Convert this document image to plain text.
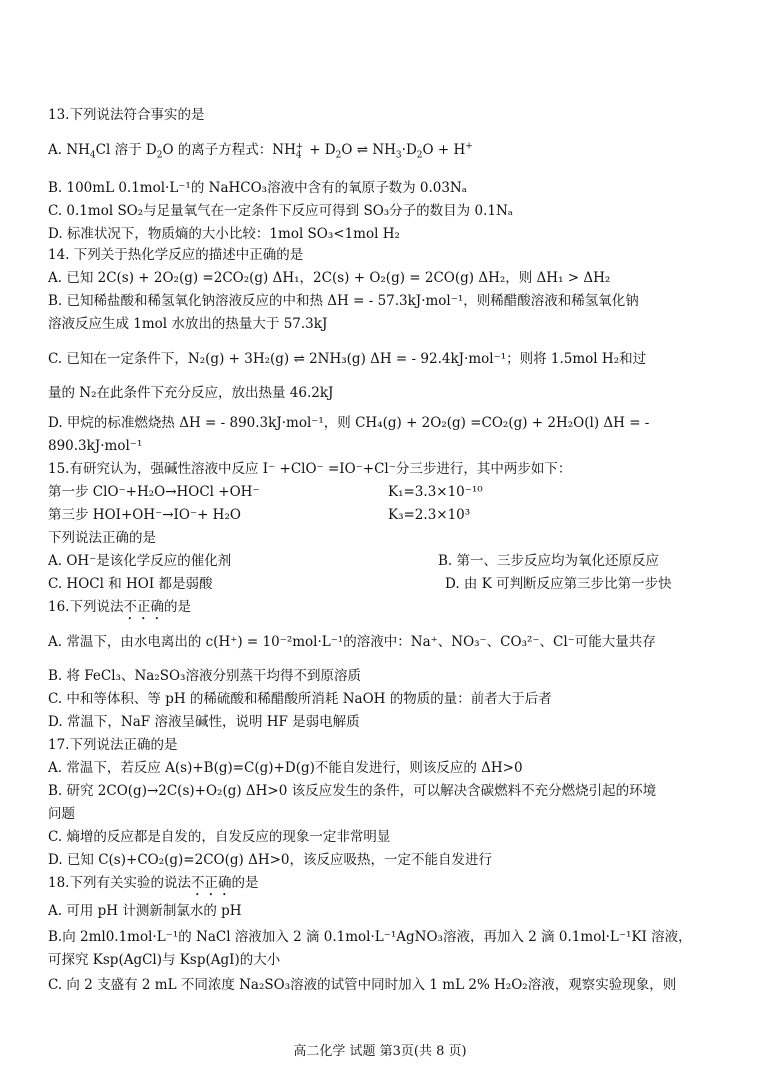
13.下列说法符合事实的是
A. $NH_4Cl$ 溶于 $D_2O$ 的离子方程式：$NH_4^+ + D_2O$ ⇌ $NH_3\cdot D_2O + H^+$
B. 100mL 0.1mol·L⁻¹的 NaHCO₃溶液中含有的氧原子数为 0.03Nₐ
C. 0.1mol SO₂与足量氧气在一定条件下反应可得到 SO₃分子的数目为 0.1Nₐ
D. 标准状况下，物质熵的大小比较：1mol SO₃<1mol H₂
14. 下列关于热化学反应的描述中正确的是
A. 已知 2C(s) + 2O₂(g) =2CO₂(g) ΔH₁，2C(s) + O₂(g) = 2CO(g) ΔH₂，则 ΔH₁ > ΔH₂
B. 已知稀盐酸和稀氢氧化钠溶液反应的中和热 ΔH = - 57.3kJ·mol⁻¹，则稀醋酸溶液和稀氢氧化钠
溶液反应生成 1mol 水放出的热量大于 57.3kJ
C. 已知在一定条件下，N₂(g) + 3H₂(g) ⇌ 2NH₃(g) ΔH = - 92.4kJ·mol⁻¹；则将 1.5mol H₂和过
量的 N₂在此条件下充分反应，放出热量 46.2kJ
D. 甲烷的标准燃烧热 ΔH = - 890.3kJ·mol⁻¹，则 CH₄(g) + 2O₂(g) =CO₂(g) + 2H₂O(l) ΔH = -
890.3kJ·mol⁻¹
15.有研究认为，强碱性溶液中反应 I⁻ +ClO⁻ =IO⁻+Cl⁻分三步进行，其中两步如下：
第一步 ClO⁻+H₂O→HOCl +OH⁻	K₁=3.3×10⁻¹⁰
第三步 HOI+OH⁻→IO⁻+ H₂O	K₃=2.3×10³
下列说法正确的是
A. OH⁻是该化学反应的催化剂	B. 第一、三步反应均为氧化还原反应
C. HOCl 和 HOI 都是弱酸	D. 由 K 可判断反应第三步比第一步快
16.下列说法不正确的是
A. 常温下，由水电离出的 c(H⁺) = 10⁻²mol·L⁻¹的溶液中：Na⁺、NO₃⁻、CO₃²⁻、Cl⁻可能大量共存
B. 将 FeCl₃、Na₂SO₃溶液分别蒸干均得不到原溶质
C. 中和等体积、等 pH 的稀硫酸和稀醋酸所消耗 NaOH 的物质的量：前者大于后者
D. 常温下，NaF 溶液呈碱性，说明 HF 是弱电解质
17.下列说法正确的是
A. 常温下，若反应 A(s)+B(g)=C(g)+D(g)不能自发进行，则该反应的 ΔH>0
B. 研究 2CO(g)→2C(s)+O₂(g) ΔH>0 该反应发生的条件，可以解决含碳燃料不充分燃烧引起的环境
问题
C. 熵增的反应都是自发的，自发反应的现象一定非常明显
D. 已知 C(s)+CO₂(g)=2CO(g) ΔH>0，该反应吸热，一定不能自发进行
18.下列有关实验的说法不正确的是
A. 可用 pH 计测新制氯水的 pH
B.向 2ml0.1mol·L⁻¹的 NaCl 溶液加入 2 滴 0.1mol·L⁻¹AgNO₃溶液，再加入 2 滴 0.1mol·L⁻¹KI 溶液，
可探究 Ksp(AgCl)与 Ksp(AgI)的大小
C. 向 2 支盛有 2 mL 不同浓度 Na₂SO₃溶液的试管中同时加入 1 mL 2% H₂O₂溶液，观察实验现象，则
高二化学 试题 第3页(共 8 页)
